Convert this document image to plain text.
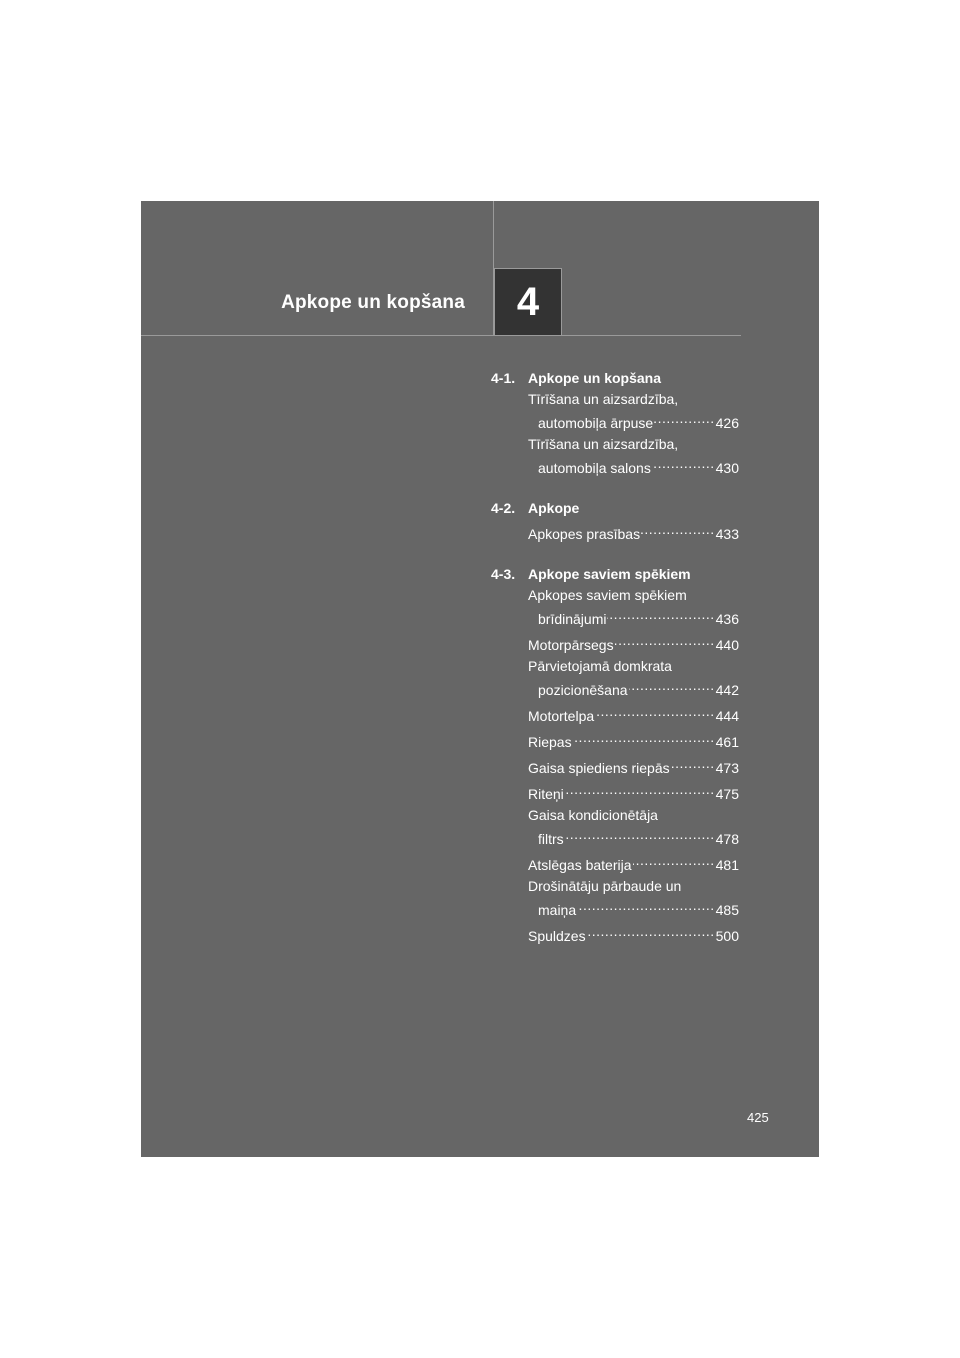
Apkope un kopšana 4
4-1. Apkope un kopšana
Tīrīšana un aizsardzība,
automobiļa ārpuse .....	426
Tīrīšana un aizsardzība,
automobiļa salons .....	430
4-2. Apkope
Apkopes prasības .....	433
4-3. Apkope saviem spēkiem
Apkopes saviem spēkiem
brīdinājumi .....	436
Motorpārsegs .....	440
Pārvietojamā domkrata
pozicionēšana .....	442
Motortelpa .....	444
Riepas .....	461
Gaisa spiediens riepās .....	473
Riteņi .....	475
Gaisa kondicionētāja
filtrs .....	478
Atslēgas baterija .....	481
Drošinātāju pārbaude un
maiņa .....	485
Spuldzes .....	500
425
